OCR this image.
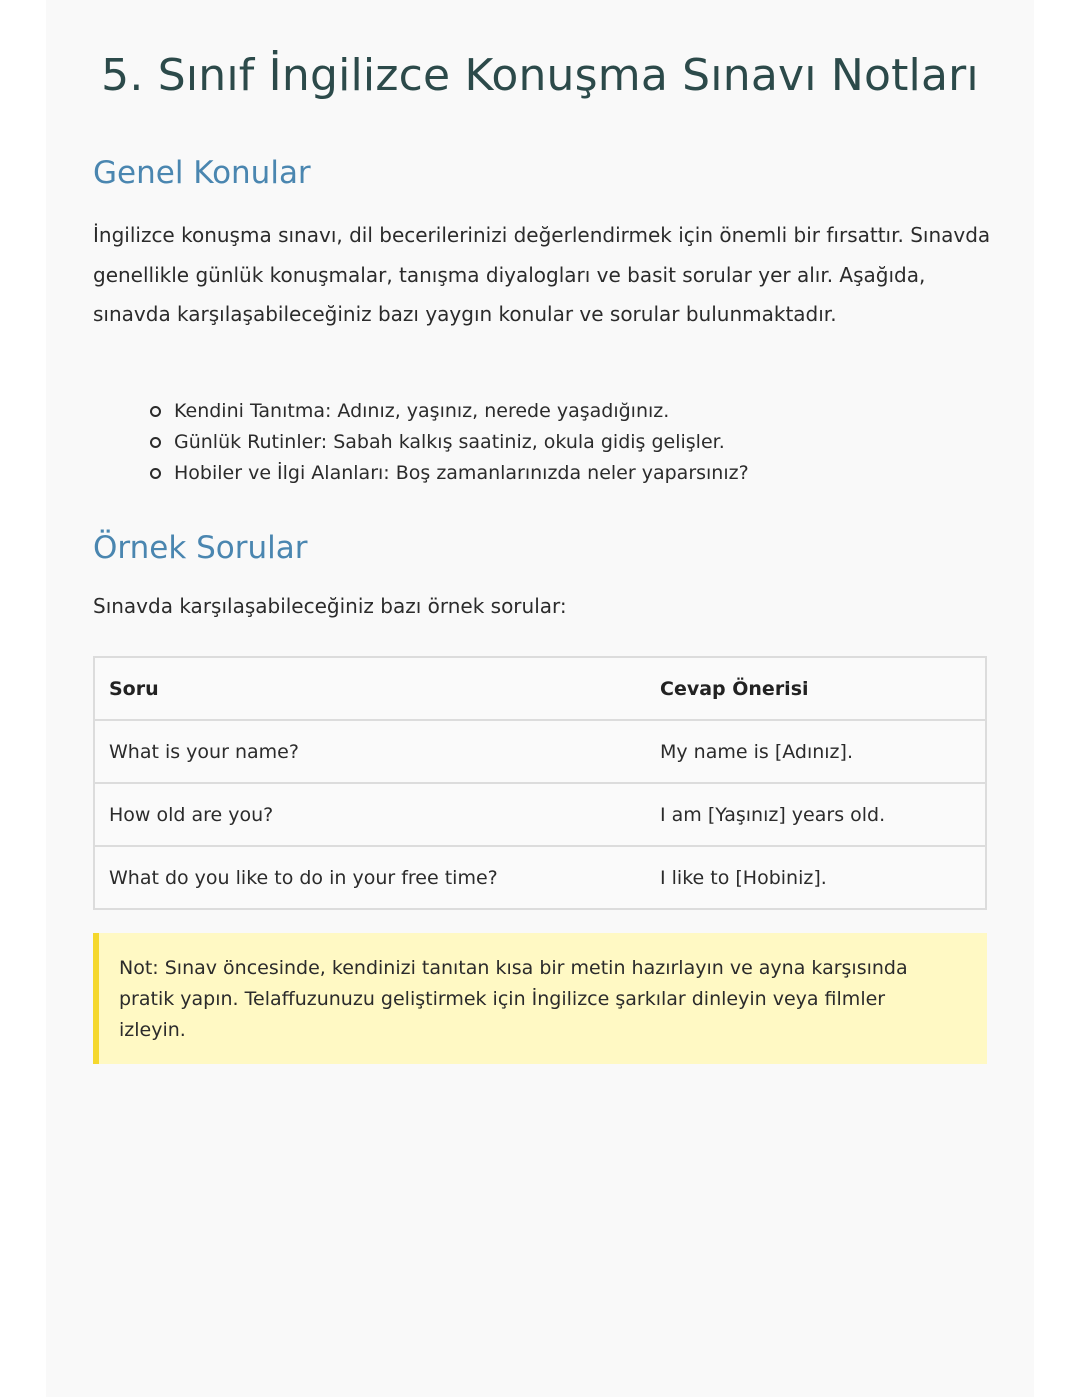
5. Sınıf İngilizce Konuşma Sınavı Notları
Genel Konular

İngilizce konuşma sınavı, dil becerilerinizi değerlendirmek için önemli bir fırsattır. Sınavda genellikle günlük konuşmalar, tanışma diyalogları ve basit sorular yer alır. Aşağıda, sınavda karşılaşabileceğiniz bazı yaygın konular ve sorular bulunmaktadır.

Kendini Tanıtma: Adınız, yaşınız, nerede yaşadığınız.
Günlük Rutinler: Sabah kalkış saatiniz, okula gidiş gelişler.
Hobiler ve İlgi Alanları: Boş zamanlarınızda neler yaparsınız?
Örnek Sorular

Sınavda karşılaşabileceğiniz bazı örnek sorular:

Soru	Cevap Önerisi
What is your name?	My name is [Adınız].
How old are you?	I am [Yaşınız] years old.
What do you like to do in your free time?	I like to [Hobiniz].

Not: Sınav öncesinde, kendinizi tanıtan kısa bir metin hazırlayın ve ayna karşısında pratik yapın. Telaffuzunuzu geliştirmek için İngilizce şarkılar dinleyin veya filmler izleyin.
